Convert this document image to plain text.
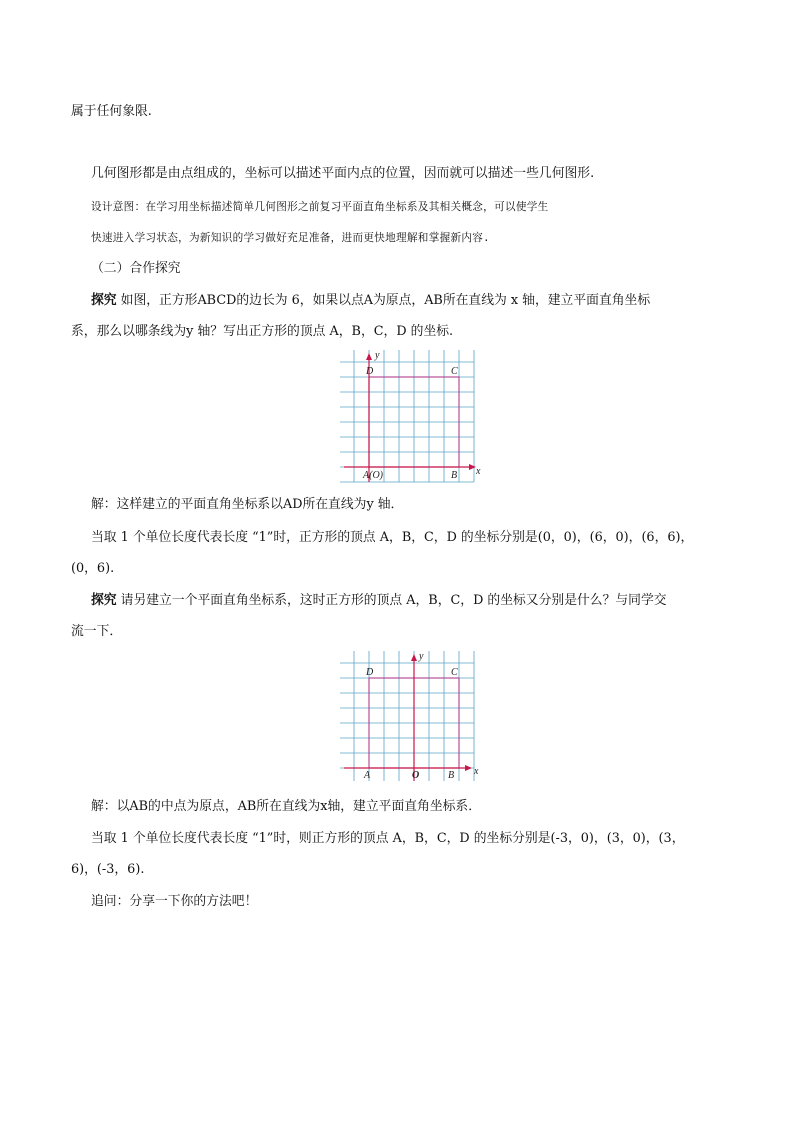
属于任何象限.
几何图形都是由点组成的，坐标可以描述平面内点的位置，因而就可以描述一些几何图形.
设计意图：在学习用坐标描述简单几何图形之前复习平面直角坐标系及其相关概念，可以使学生
快速进入学习状态，为新知识的学习做好充足准备，进而更快地理解和掌握新内容.
（二）合作探究
探究 如图，正方形ABCD的边长为 6，如果以点A为原点，AB所在直线为 x 轴，建立平面直角坐标
系，那么以哪条线为y 轴？写出正方形的顶点 A，B，C，D 的坐标.
y
x
D	C
B
A(O)
解：这样建立的平面直角坐标系以AD所在直线为y 轴．
当取 1 个单位长度代表长度 “1”时，正方形的顶点 A，B，C，D 的坐标分别是(0，0)，(6，0)，(6，6)，
(0，6).
探究 请另建立一个平面直角坐标系，这时正方形的顶点 A，B，C，D 的坐标又分别是什么？与同学交
流一下．
y
x
D	C
A	O	B
解：以AB的中点为原点，AB所在直线为x轴，建立平面直角坐标系．
当取 1 个单位长度代表长度 “1”时，则正方形的顶点 A，B，C，D 的坐标分别是(-3，0)，(3，0)，(3，
6)，(-3，6).
追问：分享一下你的方法吧！
